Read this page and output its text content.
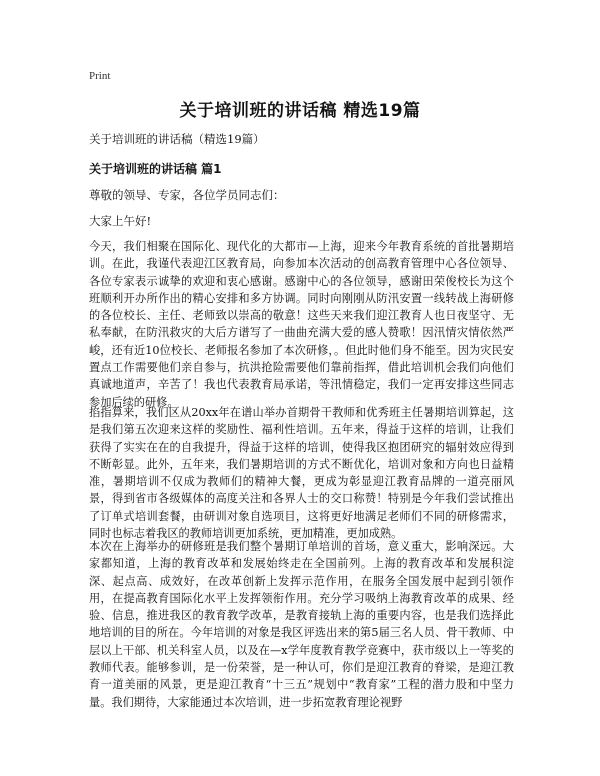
Print
关于培训班的讲话稿 精选19篇
关于培训班的讲话稿（精选19篇）
关于培训班的讲话稿 篇1
尊敬的领导、专家，各位学员同志们：
大家上午好!
今天，我们相聚在国际化、现代化的大都市—上海，迎来今年教育系统的首批暑期培训。在此，我谨代表迎江区教育局，向参加本次活动的创高教育管理中心各位领导、各位专家表示诚挚的欢迎和衷心感谢。感谢中心的各位领导，感谢田荣俊校长为这个班顺利开办所作出的精心安排和多方协调。同时向刚刚从防汛安置一线转战上海研修的各位校长、主任、老师致以崇高的敬意！这些天来我们迎江教育人也日夜坚守、无私奉献，在防汛救灾的大后方谱写了一曲曲充满大爱的感人赞歌！因汛情灾情依然严峻，还有近10位校长、老师报名参加了本次研修，。但此时他们身不能至。因为灾民安置点工作需要他们亲自参与，抗洪抢险需要他们靠前指挥，借此培训机会我们向他们真诚地道声，辛苦了！我也代表教育局承诺，等汛情稳定，我们一定再安排这些同志参加后续的研修。
掐指算来，我们区从20xx年在谱山举办首期骨干教师和优秀班主任暑期培训算起，这是我们第五次迎来这样的奖励性、福利性培训。五年来，得益于这样的培训，让我们获得了实实在在的自我提升，得益于这样的培训，使得我区抱团研究的辐射效应得到不断彰显。此外，五年来，我们暑期培训的方式不断优化，培训对象和方向也日益精准，暑期培训不仅成为教师们的精神大餐，更成为彰显迎江教育品牌的一道亮丽风景，得到省市各级媒体的高度关注和各界人士的交口称赞！特别是今年我们尝试推出了订单式培训套餐，由研训对象自选项目，这将更好地满足老师们不同的研修需求，同时也标志着我区的教师培训更加系统，更加精准，更加成熟。
本次在上海举办的研修班是我们整个暑期订单培训的首场，意义重大，影响深远。大家都知道，上海的教育改革和发展始终走在全国前列。上海的教育改革和发展积淀深、起点高、成效好，在改革创新上发挥示范作用，在服务全国发展中起到引领作用，在提高教育国际化水平上发挥领衔作用。充分学习吸纳上海教育改革的成果、经验、信息，推进我区的教育教学改革，是教育接轨上海的重要内容，也是我们选择此地培训的目的所在。今年培训的对象是我区评选出来的第5届三名人员、骨干教师、中层以上干部、机关科室人员，以及在—x学年度教育教学竞赛中，获市级以上一等奖的教师代表。能够参训，是一份荣誉，是一种认可，你们是迎江教育的脊梁，是迎江教育一道美丽的风景，更是迎江教育“十三五”规划中“教育家”工程的潜力股和中坚力量。我们期待，大家能通过本次培训，进一步拓宽教育理论视野
